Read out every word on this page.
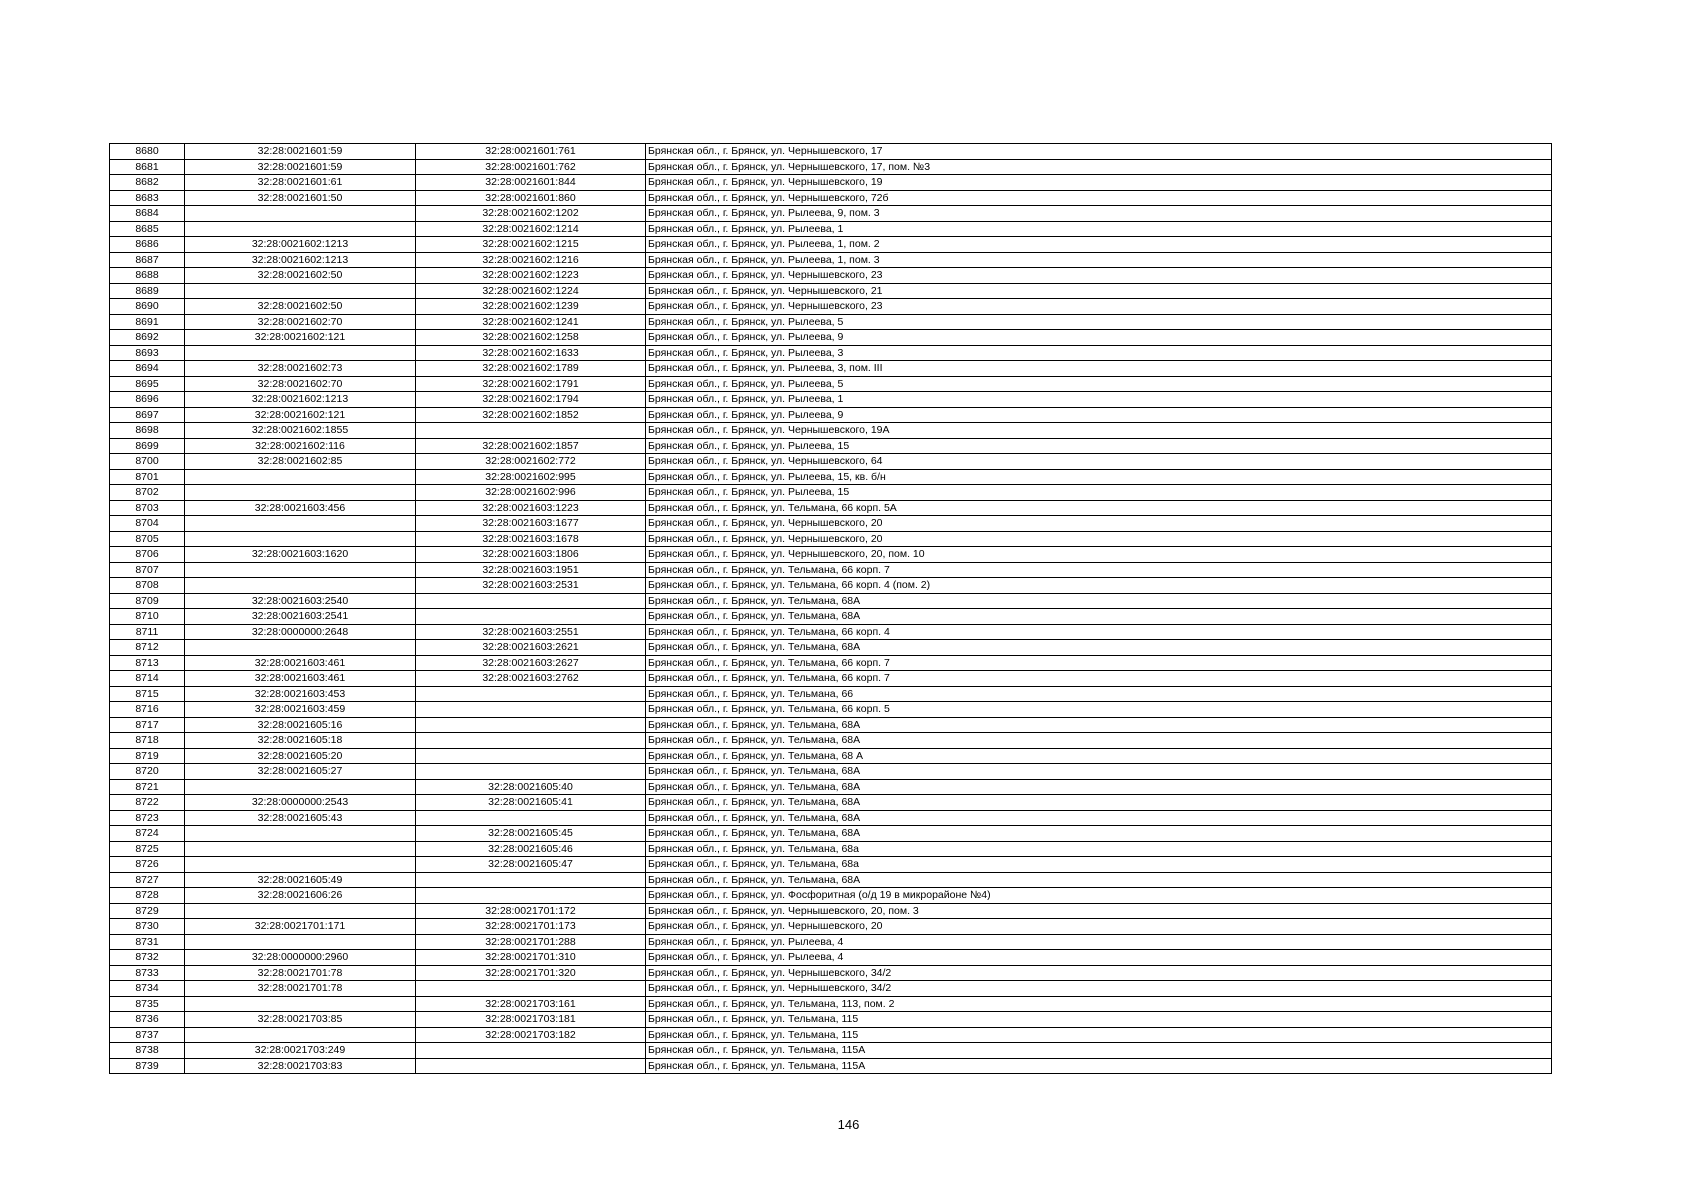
8680	32:28:0021601:59	32:28:0021601:761	Брянская обл., г. Брянск, ул. Чернышевского, 17
8681	32:28:0021601:59	32:28:0021601:762	Брянская обл., г. Брянск, ул. Чернышевского, 17, пом. №3
8682	32:28:0021601:61	32:28:0021601:844	Брянская обл., г. Брянск, ул. Чернышевского, 19
8683	32:28:0021601:50	32:28:0021601:860	Брянская обл., г. Брянск, ул. Чернышевского, 72б
8684		32:28:0021602:1202	Брянская обл., г. Брянск, ул. Рылеева, 9, пом. 3
8685		32:28:0021602:1214	Брянская обл., г. Брянск, ул. Рылеева, 1
8686	32:28:0021602:1213	32:28:0021602:1215	Брянская обл., г. Брянск, ул. Рылеева, 1, пом. 2
8687	32:28:0021602:1213	32:28:0021602:1216	Брянская обл., г. Брянск, ул. Рылеева, 1, пом. 3
8688	32:28:0021602:50	32:28:0021602:1223	Брянская обл., г. Брянск, ул. Чернышевского, 23
8689		32:28:0021602:1224	Брянская обл., г. Брянск, ул. Чернышевского, 21
8690	32:28:0021602:50	32:28:0021602:1239	Брянская обл., г. Брянск, ул. Чернышевского, 23
8691	32:28:0021602:70	32:28:0021602:1241	Брянская обл., г. Брянск, ул. Рылеева, 5
8692	32:28:0021602:121	32:28:0021602:1258	Брянская обл., г. Брянск, ул. Рылеева, 9
8693		32:28:0021602:1633	Брянская обл., г. Брянск, ул. Рылеева, 3
8694	32:28:0021602:73	32:28:0021602:1789	Брянская обл., г. Брянск, ул. Рылеева, 3, пом. III
8695	32:28:0021602:70	32:28:0021602:1791	Брянская обл., г. Брянск, ул. Рылеева, 5
8696	32:28:0021602:1213	32:28:0021602:1794	Брянская обл., г. Брянск, ул. Рылеева, 1
8697	32:28:0021602:121	32:28:0021602:1852	Брянская обл., г. Брянск, ул. Рылеева, 9
8698	32:28:0021602:1855		Брянская обл., г. Брянск, ул. Чернышевского, 19А
8699	32:28:0021602:116	32:28:0021602:1857	Брянская обл., г. Брянск, ул. Рылеева, 15
8700	32:28:0021602:85	32:28:0021602:772	Брянская обл., г. Брянск, ул. Чернышевского, 64
8701		32:28:0021602:995	Брянская обл., г. Брянск, ул. Рылеева, 15, кв. б/н
8702		32:28:0021602:996	Брянская обл., г. Брянск, ул. Рылеева, 15
8703	32:28:0021603:456	32:28:0021603:1223	Брянская обл., г. Брянск, ул. Тельмана, 66 корп. 5А
8704		32:28:0021603:1677	Брянская обл., г. Брянск, ул. Чернышевского, 20
8705		32:28:0021603:1678	Брянская обл., г. Брянск, ул. Чернышевского, 20
8706	32:28:0021603:1620	32:28:0021603:1806	Брянская обл., г. Брянск, ул. Чернышевского, 20, пом. 10
8707		32:28:0021603:1951	Брянская обл., г. Брянск, ул. Тельмана, 66 корп. 7
8708		32:28:0021603:2531	Брянская обл., г. Брянск, ул. Тельмана, 66 корп. 4 (пом. 2)
8709	32:28:0021603:2540		Брянская обл., г. Брянск, ул. Тельмана, 68А
8710	32:28:0021603:2541		Брянская обл., г. Брянск, ул. Тельмана, 68А
8711	32:28:0000000:2648	32:28:0021603:2551	Брянская обл., г. Брянск, ул. Тельмана, 66 корп. 4
8712		32:28:0021603:2621	Брянская обл., г. Брянск, ул. Тельмана, 68А
8713	32:28:0021603:461	32:28:0021603:2627	Брянская обл., г. Брянск, ул. Тельмана, 66 корп. 7
8714	32:28:0021603:461	32:28:0021603:2762	Брянская обл., г. Брянск, ул. Тельмана, 66 корп. 7
8715	32:28:0021603:453		Брянская обл., г. Брянск, ул. Тельмана, 66
8716	32:28:0021603:459		Брянская обл., г. Брянск, ул. Тельмана, 66 корп. 5
8717	32:28:0021605:16		Брянская обл., г. Брянск, ул. Тельмана, 68А
8718	32:28:0021605:18		Брянская обл., г. Брянск, ул. Тельмана, 68А
8719	32:28:0021605:20		Брянская обл., г. Брянск, ул. Тельмана, 68 А
8720	32:28:0021605:27		Брянская обл., г. Брянск, ул. Тельмана, 68А
8721		32:28:0021605:40	Брянская обл., г. Брянск, ул. Тельмана, 68А
8722	32:28:0000000:2543	32:28:0021605:41	Брянская обл., г. Брянск, ул. Тельмана, 68А
8723	32:28:0021605:43		Брянская обл., г. Брянск, ул. Тельмана, 68А
8724		32:28:0021605:45	Брянская обл., г. Брянск, ул. Тельмана, 68А
8725		32:28:0021605:46	Брянская обл., г. Брянск, ул. Тельмана, 68а
8726		32:28:0021605:47	Брянская обл., г. Брянск, ул. Тельмана, 68а
8727	32:28:0021605:49		Брянская обл., г. Брянск, ул. Тельмана, 68А
8728	32:28:0021606:26		Брянская обл., г. Брянск, ул. Фосфоритная (о/д 19 в микрорайоне №4)
8729		32:28:0021701:172	Брянская обл., г. Брянск, ул. Чернышевского, 20, пом. 3
8730	32:28:0021701:171	32:28:0021701:173	Брянская обл., г. Брянск, ул. Чернышевского, 20
8731		32:28:0021701:288	Брянская обл., г. Брянск, ул. Рылеева, 4
8732	32:28:0000000:2960	32:28:0021701:310	Брянская обл., г. Брянск, ул. Рылеева, 4
8733	32:28:0021701:78	32:28:0021701:320	Брянская обл., г. Брянск, ул. Чернышевского, 34/2
8734	32:28:0021701:78		Брянская обл., г. Брянск, ул. Чернышевского, 34/2
8735		32:28:0021703:161	Брянская обл., г. Брянск, ул. Тельмана, 113, пом. 2
8736	32:28:0021703:85	32:28:0021703:181	Брянская обл., г. Брянск, ул. Тельмана, 115
8737		32:28:0021703:182	Брянская обл., г. Брянск, ул. Тельмана, 115
8738	32:28:0021703:249		Брянская обл., г. Брянск, ул. Тельмана, 115А
8739	32:28:0021703:83		Брянская обл., г. Брянск, ул. Тельмана, 115А
146
